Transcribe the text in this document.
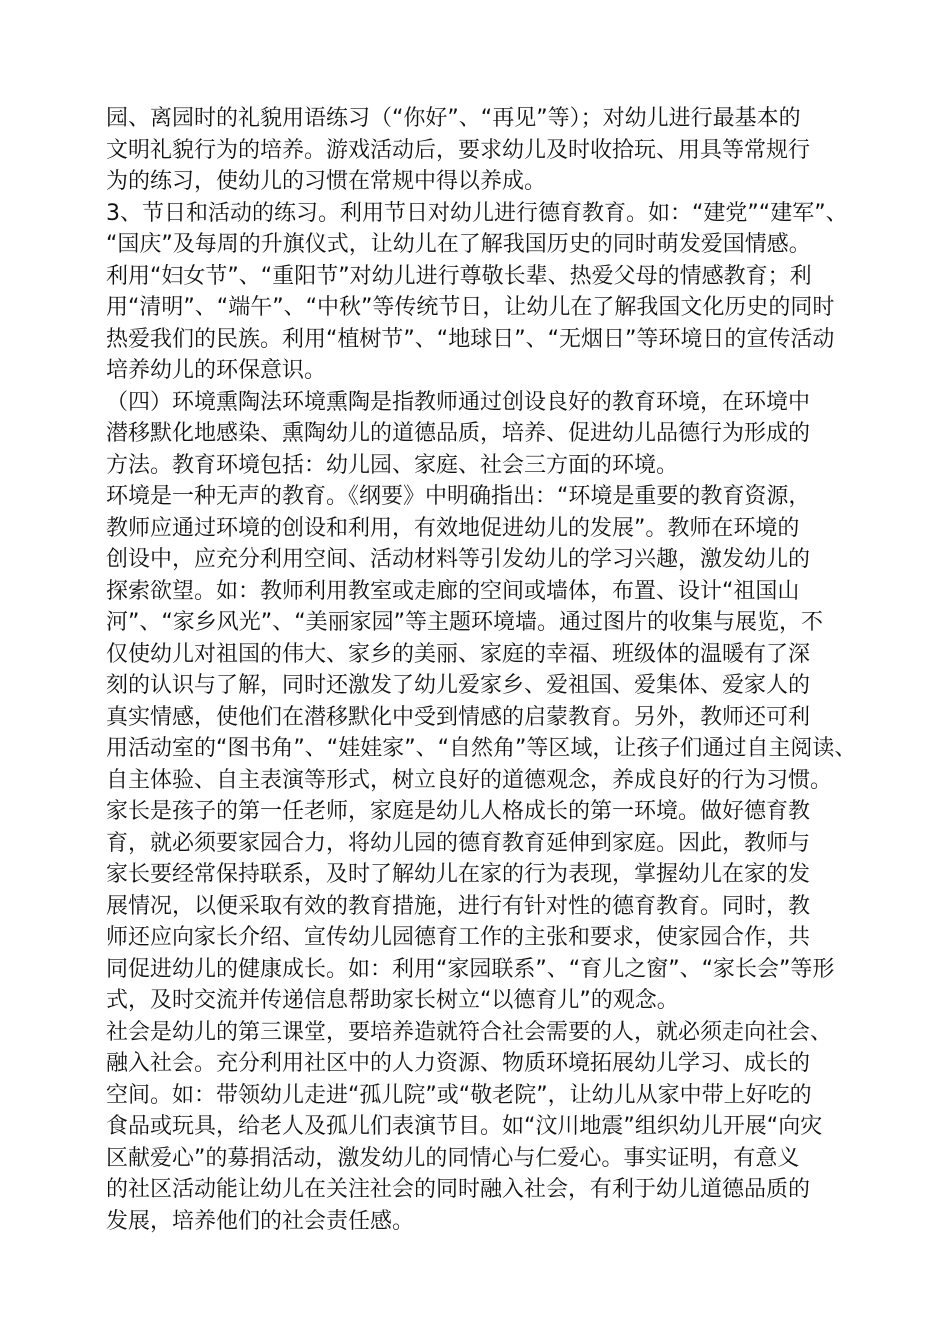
园、离园时的礼貌用语练习（“你好”、“再见”等）；对幼儿进行最基本的
文明礼貌行为的培养。游戏活动后，要求幼儿及时收拾玩、用具等常规行
为的练习，使幼儿的习惯在常规中得以养成。
3、节日和活动的练习。利用节日对幼儿进行德育教育。如：“建党”“建军”、
“国庆”及每周的升旗仪式，让幼儿在了解我国历史的同时萌发爱国情感。
利用“妇女节”、“重阳节”对幼儿进行尊敬长辈、热爱父母的情感教育；利
用“清明”、“端午”、“中秋”等传统节日，让幼儿在了解我国文化历史的同时
热爱我们的民族。利用“植树节”、“地球日”、“无烟日”等环境日的宣传活动
培养幼儿的环保意识。
（四）环境熏陶法环境熏陶是指教师通过创设良好的教育环境，在环境中
潜移默化地感染、熏陶幼儿的道德品质，培养、促进幼儿品德行为形成的
方法。教育环境包括：幼儿园、家庭、社会三方面的环境。
环境是一种无声的教育。《纲要》中明确指出：“环境是重要的教育资源，
教师应通过环境的创设和利用，有效地促进幼儿的发展”。教师在环境的
创设中，应充分利用空间、活动材料等引发幼儿的学习兴趣，激发幼儿的
探索欲望。如：教师利用教室或走廊的空间或墙体，布置、设计“祖国山
河”、“家乡风光”、“美丽家园”等主题环境墙。通过图片的收集与展览，不
仅使幼儿对祖国的伟大、家乡的美丽、家庭的幸福、班级体的温暖有了深
刻的认识与了解，同时还激发了幼儿爱家乡、爱祖国、爱集体、爱家人的
真实情感，使他们在潜移默化中受到情感的启蒙教育。另外，教师还可利
用活动室的“图书角”、“娃娃家”、“自然角”等区域，让孩子们通过自主阅读、
自主体验、自主表演等形式，树立良好的道德观念，养成良好的行为习惯。
家长是孩子的第一任老师，家庭是幼儿人格成长的第一环境。做好德育教
育，就必须要家园合力，将幼儿园的德育教育延伸到家庭。因此，教师与
家长要经常保持联系，及时了解幼儿在家的行为表现，掌握幼儿在家的发
展情况，以便采取有效的教育措施，进行有针对性的德育教育。同时，教
师还应向家长介绍、宣传幼儿园德育工作的主张和要求，使家园合作，共
同促进幼儿的健康成长。如：利用“家园联系”、“育儿之窗”、“家长会”等形
式，及时交流并传递信息帮助家长树立“以德育儿”的观念。
社会是幼儿的第三课堂，要培养造就符合社会需要的人，就必须走向社会、
融入社会。充分利用社区中的人力资源、物质环境拓展幼儿学习、成长的
空间。如：带领幼儿走进“孤儿院”或“敬老院”，让幼儿从家中带上好吃的
食品或玩具，给老人及孤儿们表演节目。如“汶川地震”组织幼儿开展“向灾
区献爱心”的募捐活动，激发幼儿的同情心与仁爱心。事实证明，有意义
的社区活动能让幼儿在关注社会的同时融入社会，有利于幼儿道德品质的
发展，培养他们的社会责任感。
